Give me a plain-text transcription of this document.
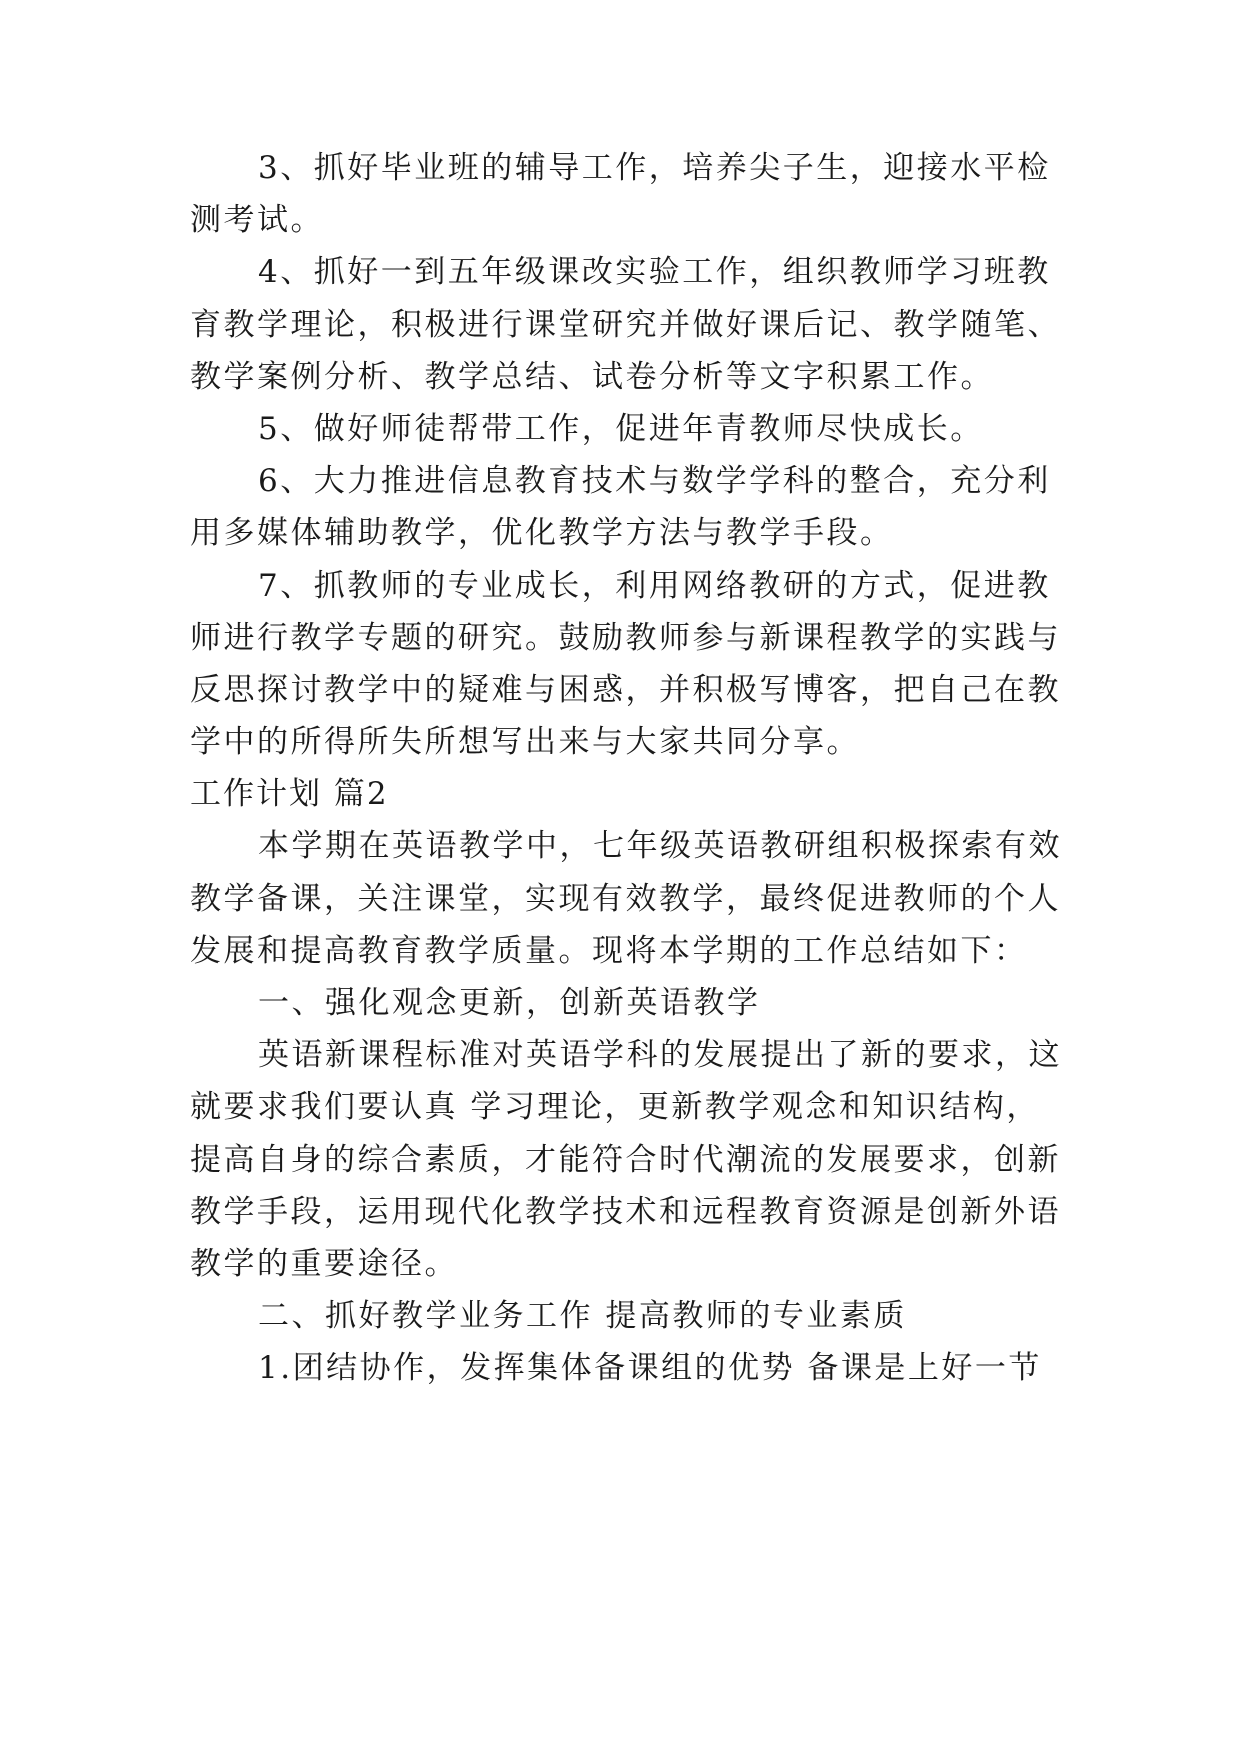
3、抓好毕业班的辅导工作，培养尖子生，迎接水平检
测考试。
4、抓好一到五年级课改实验工作，组织教师学习班教
育教学理论，积极进行课堂研究并做好课后记、教学随笔、
教学案例分析、教学总结、试卷分析等文字积累工作。
5、做好师徒帮带工作，促进年青教师尽快成长。
6、大力推进信息教育技术与数学学科的整合，充分利
用多媒体辅助教学，优化教学方法与教学手段。
7、抓教师的专业成长，利用网络教研的方式，促进教
师进行教学专题的研究。鼓励教师参与新课程教学的实践与
反思探讨教学中的疑难与困惑，并积极写博客，把自己在教
学中的所得所失所想写出来与大家共同分享。
工作计划 篇2
本学期在英语教学中，七年级英语教研组积极探索有效
教学备课，关注课堂，实现有效教学，最终促进教师的个人
发展和提高教育教学质量。现将本学期的工作总结如下：
一、强化观念更新，创新英语教学
英语新课程标准对英语学科的发展提出了新的要求，这
就要求我们要认真 学习理论，更新教学观念和知识结构，
提高自身的综合素质，才能符合时代潮流的发展要求，创新
教学手段，运用现代化教学技术和远程教育资源是创新外语
教学的重要途径。
二、抓好教学业务工作 提高教师的专业素质
1.团结协作，发挥集体备课组的优势 备课是上好一节
